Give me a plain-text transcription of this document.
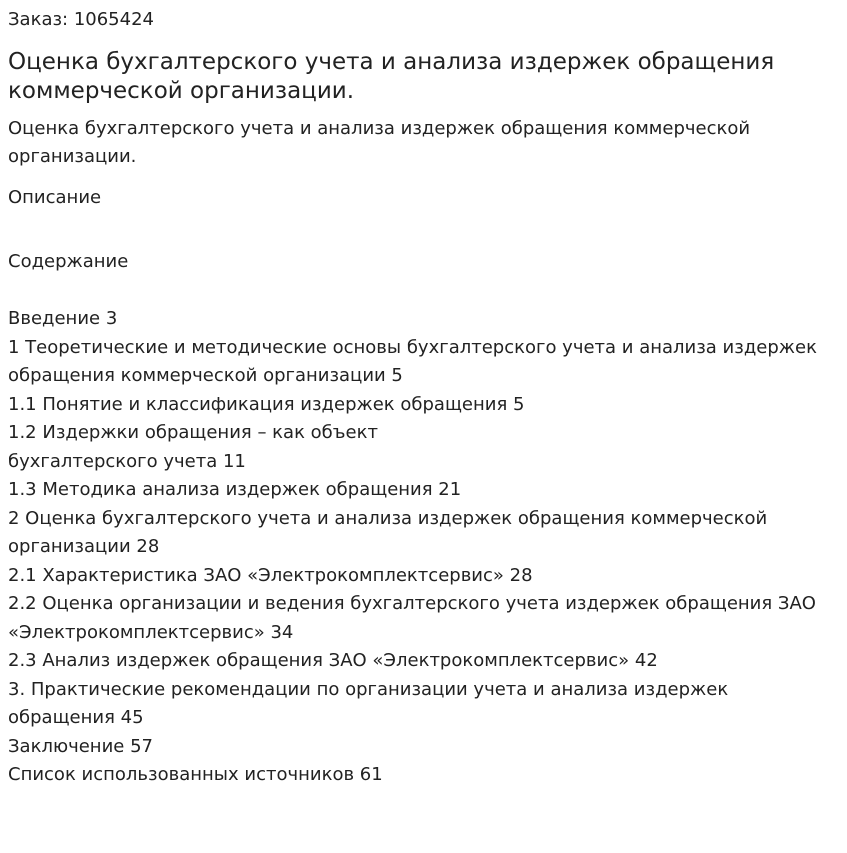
Заказ: 1065424

Оценка бухгалтерского учета и анализа издержек обращения коммерческой организации.

Оценка бухгалтерского учета и анализа издержек обращения коммерческой организации.

Описание

Содержание

Введение 3
1 Теоретические и методические основы бухгалтерского учета и анализа издержек обращения коммерческой организации 5
1.1 Понятие и классификация издержек обращения 5
1.2 Издержки обращения – как объект
бухгалтерского учета 11
1.3 Методика анализа издержек обращения 21
2 Оценка бухгалтерского учета и анализа издержек обращения коммерческой организации 28
2.1 Характеристика ЗАО «Электрокомплектсервис» 28
2.2 Оценка организации и ведения бухгалтерского учета издержек обращения ЗАО «Электрокомплектсервис» 34
2.3 Анализ издержек обращения ЗАО «Электрокомплектсервис» 42
3. Практические рекомендации по организации учета и анализа издержек обращения 45
Заключение 57
Список использованных источников 61
